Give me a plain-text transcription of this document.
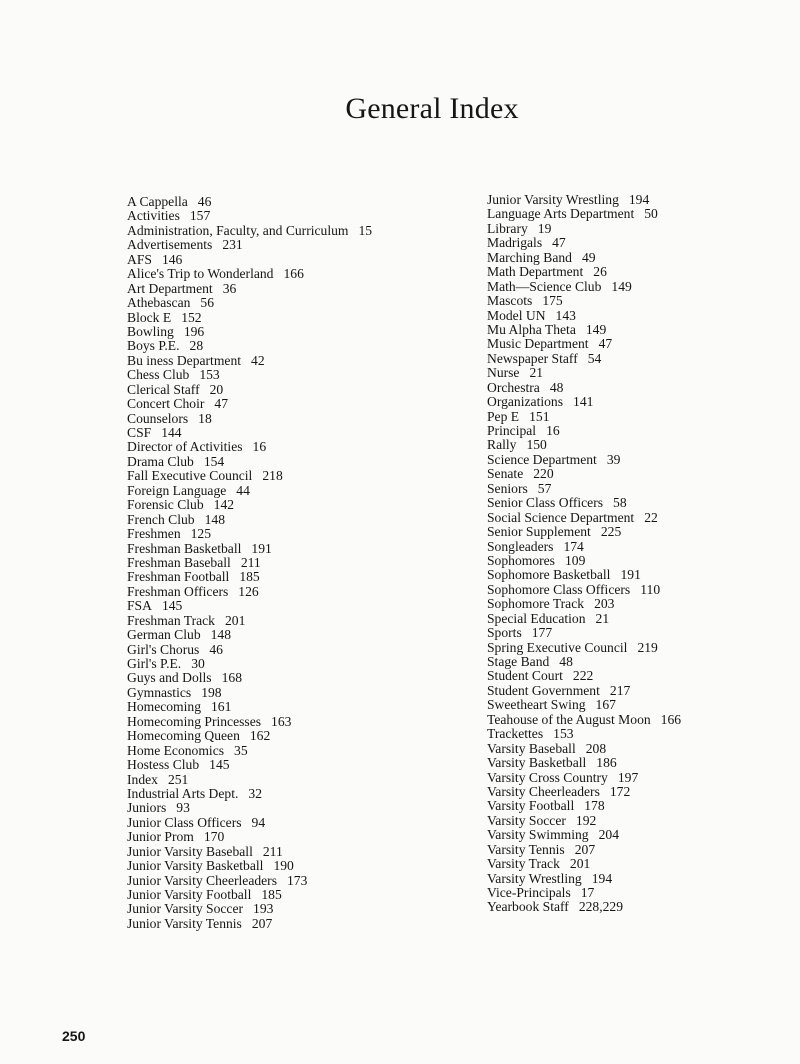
General Index
A Cappella 46
Activities 157
Administration, Faculty, and Curriculum 15
Advertisements 231
AFS 146
Alice's Trip to Wonderland 166
Art Department 36
Athebascan 56
Block E 152
Bowling 196
Boys P.E. 28
Bu iness Department 42
Chess Club 153
Clerical Staff 20
Concert Choir 47
Counselors 18
CSF 144
Director of Activities 16
Drama Club 154
Fall Executive Council 218
Foreign Language 44
Forensic Club 142
French Club 148
Freshmen 125
Freshman Basketball 191
Freshman Baseball 211
Freshman Football 185
Freshman Officers 126
FSA 145
Freshman Track 201
German Club 148
Girl's Chorus 46
Girl's P.E. 30
Guys and Dolls 168
Gymnastics 198
Homecoming 161
Homecoming Princesses 163
Homecoming Queen 162
Home Economics 35
Hostess Club 145
Index 251
Industrial Arts Dept. 32
Juniors 93
Junior Class Officers 94
Junior Prom 170
Junior Varsity Baseball 211
Junior Varsity Basketball 190
Junior Varsity Cheerleaders 173
Junior Varsity Football 185
Junior Varsity Soccer 193
Junior Varsity Tennis 207
Junior Varsity Wrestling 194
Language Arts Department 50
Library 19
Madrigals 47
Marching Band 49
Math Department 26
Math—Science Club 149
Mascots 175
Model UN 143
Mu Alpha Theta 149
Music Department 47
Newspaper Staff 54
Nurse 21
Orchestra 48
Organizations 141
Pep E 151
Principal 16
Rally 150
Science Department 39
Senate 220
Seniors 57
Senior Class Officers 58
Social Science Department 22
Senior Supplement 225
Songleaders 174
Sophomores 109
Sophomore Basketball 191
Sophomore Class Officers 110
Sophomore Track 203
Special Education 21
Sports 177
Spring Executive Council 219
Stage Band 48
Student Court 222
Student Government 217
Sweetheart Swing 167
Teahouse of the August Moon 166
Trackettes 153
Varsity Baseball 208
Varsity Basketball 186
Varsity Cross Country 197
Varsity Cheerleaders 172
Varsity Football 178
Varsity Soccer 192
Varsity Swimming 204
Varsity Tennis 207
Varsity Track 201
Varsity Wrestling 194
Vice-Principals 17
Yearbook Staff 228,229
250
